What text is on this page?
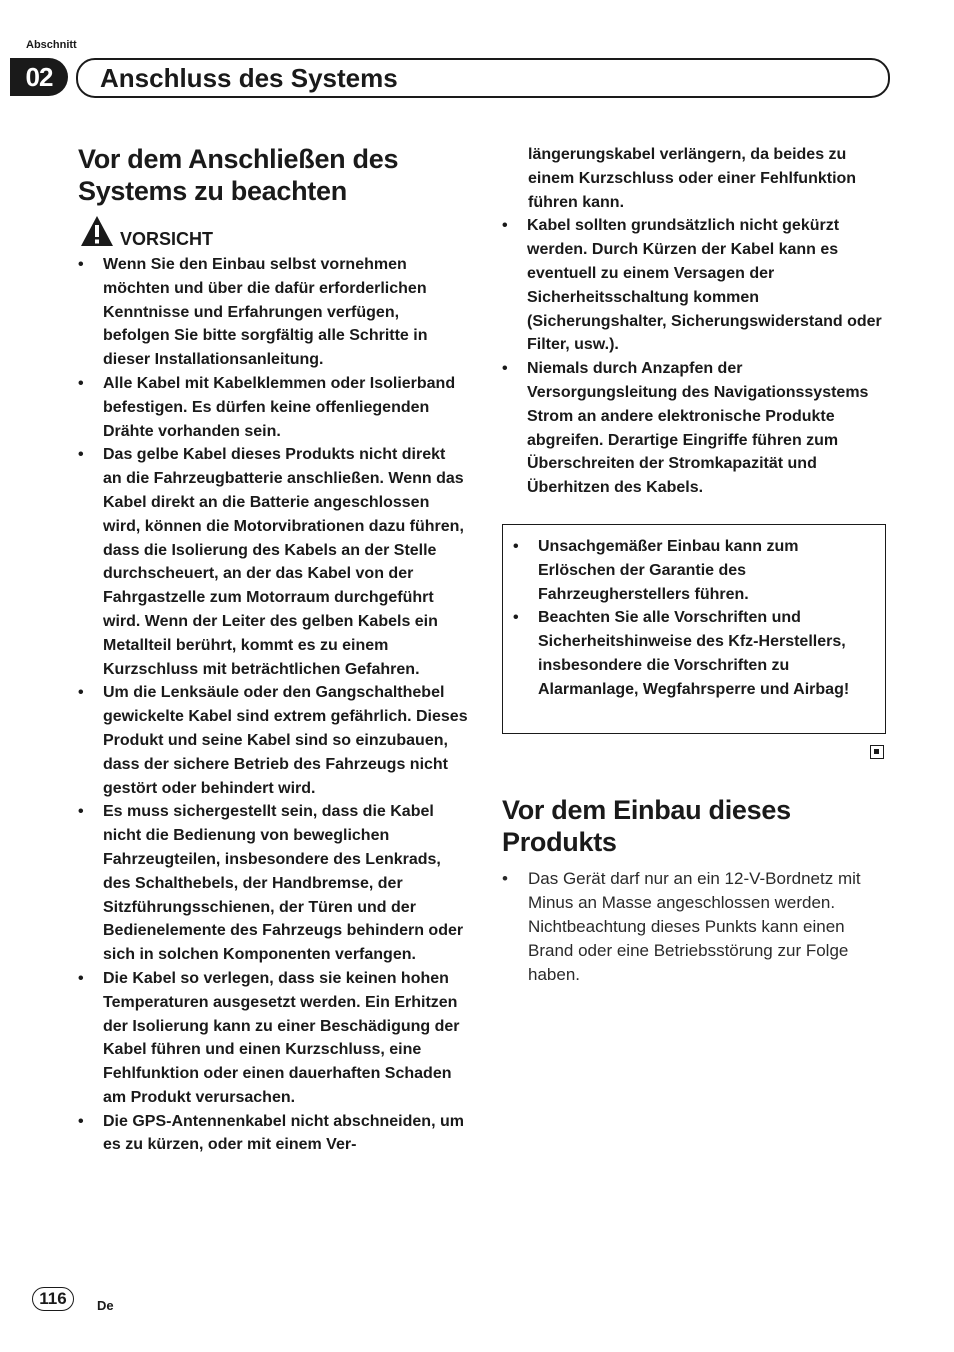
Abschnitt
02	Anschluss des Systems
Vor dem Anschließen des Systems zu beachten
VORSICHT
• Wenn Sie den Einbau selbst vornehmen möchten und über die dafür erforderlichen Kenntnisse und Erfahrungen verfügen, befolgen Sie bitte sorgfältig alle Schritte in dieser Installationsanleitung.
• Alle Kabel mit Kabelklemmen oder Isolierband befestigen. Es dürfen keine offenliegenden Drähte vorhanden sein.
• Das gelbe Kabel dieses Produkts nicht direkt an die Fahrzeugbatterie anschließen. Wenn das Kabel direkt an die Batterie angeschlossen wird, können die Motorvibrationen dazu führen, dass die Isolierung des Kabels an der Stelle durchscheuert, an der das Kabel von der Fahrgastzelle zum Motorraum durchgeführt wird. Wenn der Leiter des gelben Kabels ein Metallteil berührt, kommt es zu einem Kurzschluss mit beträchtlichen Gefahren.
• Um die Lenksäule oder den Gangschalthebel gewickelte Kabel sind extrem gefährlich. Dieses Produkt und seine Kabel sind so einzubauen, dass der sichere Betrieb des Fahrzeugs nicht gestört oder behindert wird.
• Es muss sichergestellt sein, dass die Kabel nicht die Bedienung von beweglichen Fahrzeugteilen, insbesondere des Lenkrads, des Schalthebels, der Handbremse, der Sitzführungsschienen, der Türen und der Bedienelemente des Fahrzeugs behindern oder sich in solchen Komponenten verfangen.
• Die Kabel so verlegen, dass sie keinen hohen Temperaturen ausgesetzt werden. Ein Erhitzen der Isolierung kann zu einer Beschädigung der Kabel führen und einen Kurzschluss, eine Fehlfunktion oder einen dauerhaften Schaden am Produkt verursachen.
• Die GPS-Antennenkabel nicht abschneiden, um es zu kürzen, oder mit einem Ver-
längerungskabel verlängern, da beides zu einem Kurzschluss oder einer Fehlfunktion führen kann.
• Kabel sollten grundsätzlich nicht gekürzt werden. Durch Kürzen der Kabel kann es eventuell zu einem Versagen der Sicherheitsschaltung kommen (Sicherungshalter, Sicherungswiderstand oder Filter, usw.).
• Niemals durch Anzapfen der Versorgungsleitung des Navigationssystems Strom an andere elektronische Produkte abgreifen. Derartige Eingriffe führen zum Überschreiten der Stromkapazität und Überhitzen des Kabels.
• Unsachgemäßer Einbau kann zum Erlöschen der Garantie des Fahrzeugherstellers führen.
• Beachten Sie alle Vorschriften und Sicherheitshinweise des Kfz-Herstellers, insbesondere die Vorschriften zu Alarmanlage, Wegfahrsperre und Airbag!
Vor dem Einbau dieses Produkts
• Das Gerät darf nur an ein 12-V-Bordnetz mit Minus an Masse angeschlossen werden. Nichtbeachtung dieses Punkts kann einen Brand oder eine Betriebsstörung zur Folge haben.
116	De
